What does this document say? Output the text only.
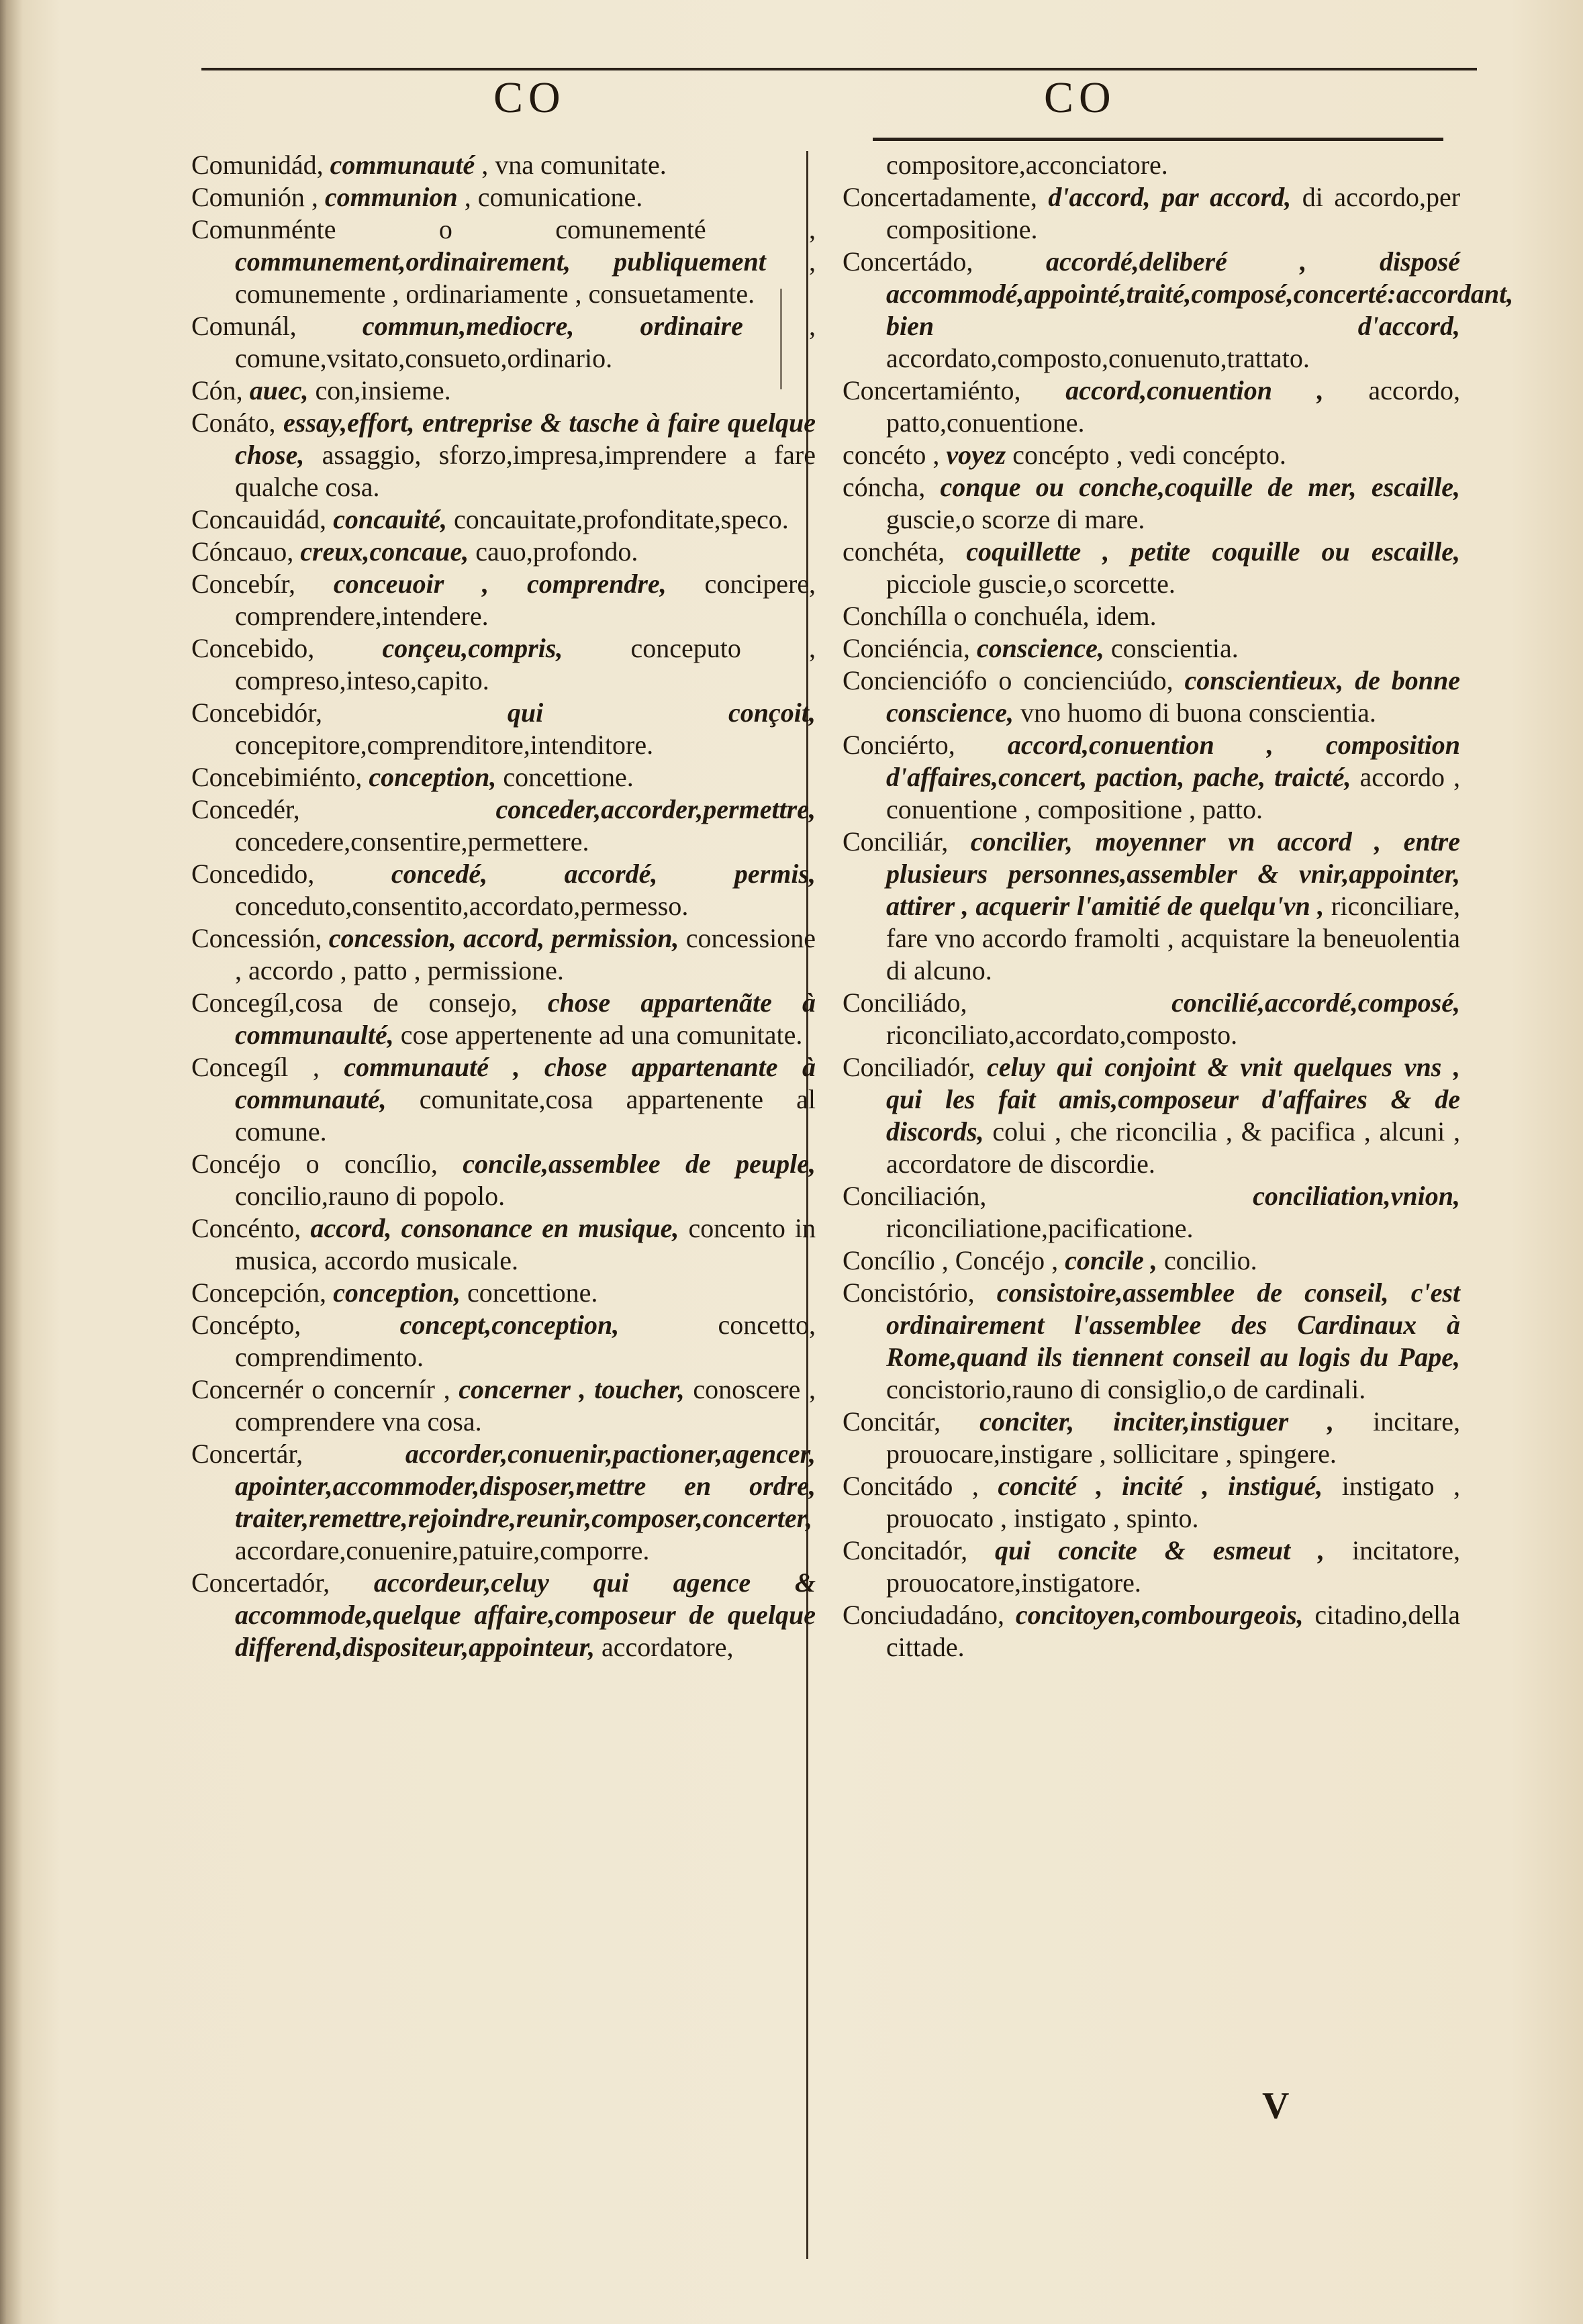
CO	CO

Comunidád, communauté , vna comunitate.

Comunión , communion , comunicatione.

Comunménte o comunementé , communement,ordinairement, publiquement , comunemente , ordinariamente , consuetamente.

Comunál, commun,mediocre, ordinaire , comune,vsitato,consueto,ordinario.

Cón, auec, con,insieme.

Conáto, essay,effort, entreprise & tasche à faire quelque chose, assaggio, sforzo,impresa,imprendere a fare qualche cosa.

Concauidád, concauité, concauitate,profonditate,speco.

Cóncauo, creux,concaue, cauo,profondo.

Concebír, conceuoir , comprendre, concipere, comprendere,intendere.

Concebido,	conçeu,compris,	conceputo , compreso,inteso,capito.

Concebidór,	qui conçoit, concepitore,comprenditore,intenditore.

Concebimiénto, conception, concettione.

Concedér,	conceder,accorder,permettre, concedere,consentire,permettere.

Concedido,	concedé, accordé, permis, conceduto,consentito,accordato,permesso.

Concessión, concession, accord, permission, concessione , accordo , patto , permissione.

Concegíl,cosa de consejo, chose appartenãte à communaulté, cose appertenente ad una comunitate.

Concegíl , communauté , chose appartenante à communauté, comunitate,cosa appartenente al comune.

Concéjo o concílio, concile,assemblee de peuple, concilio,rauno di popolo.

Concénto, accord, consonance en musique, concento in musica, accordo musicale.

Concepción, conception, concettione.

Concépto,	concept,conception,	concetto, comprendimento.

Concernér o concernír , concerner , toucher, conoscere , comprendere vna cosa.

Concertár,	accorder,conuenir,pactioner,agencer, apointer,accommoder,disposer,mettre en ordre, traiter,remettre,rejoindre,reunir,composer,concerter, accordare,conuenire,patuire,comporre.

Concertadór, accordeur,celuy qui agence & accommode,quelque affaire,composeur de quelque differend,dispositeur,appointeur, accordatore,

compositore,acconciatore.

Concertadamente, d'accord, par accord, di accordo,per compositione.

Concertádo,	accordé,deliberé , disposé accommodé,appointé,traité,composé,concerté:accordant, bien d'accord, accordato,composto,conuenuto,trattato.

Concertamiénto, accord,conuention , accordo, patto,conuentione.

concéto , voyez concépto , vedi concépto.

cóncha, conque ou conche,coquille de mer, escaille, guscie,o scorze di mare.

conchéta, coquillette , petite coquille ou escaille, picciole guscie,o scorcette.

Conchílla o conchuéla, idem.

Conciéncia, conscience, conscientia.

Concienciófo o concienciúdo, conscientieux, de bonne conscience, vno huomo di buona conscientia.

Conciérto, accord,conuention , composition d'affaires,concert, paction, pache, traicté, accordo , conuentione , compositione , patto.

Conciliár, concilier, moyenner vn accord , entre plusieurs personnes,assembler & vnir,appointer, attirer , acquerir l'amitié de quelqu'vn , riconciliare, fare vno accordo framolti , acquistare la beneuolentia di alcuno.

Conciliádo,	concilié,accordé,composé, riconciliato,accordato,composto.

Conciliadór, celuy qui conjoint & vnit quelques vns , qui les fait amis,composeur d'affaires & de discords, colui , che riconcilia , & pacifica , alcuni , accordatore de discordie.

Conciliación,	conciliation,vnion, riconciliatione,pacificatione.

Concílio , Concéjo , concile , concilio.

Concistório, consistoire,assemblee de conseil, c'est ordinairement l'assemblee des Cardinaux à Rome,quand ils tiennent conseil au logis du Pape, concistorio,rauno di consiglio,o de cardinali.

Concitár, conciter, inciter,instiguer , incitare, prouocare,instigare , sollicitare , spingere.

Concitádo , concité , incité , instigué, instigato , prouocato , instigato , spinto.

Concitadór, qui concite & esmeut , incitatore, prouocatore,instigatore.

Conciudadáno, concitoyen,combourgeois, citadino,della cittade.

V
